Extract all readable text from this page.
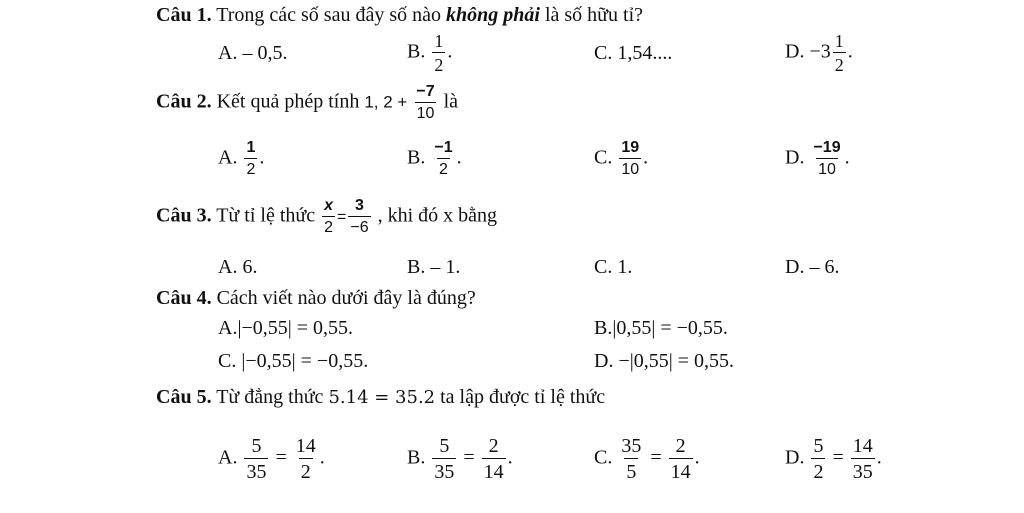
Câu 1. Trong các số sau đây số nào không phải là số hữu tỉ?
A. – 0,5.	B. $\frac{1}{2}$ .	C. 1,54....	D. $-3 \frac{1}{2}$ .
Câu 2. Kết quả phép tính 1, $2 + \frac{-7}{10}$ là
A. $\frac{1}{2}$ .	B. $\frac{-1}{2}$ .	C. $\frac{19}{10}$ .	D. $\frac{-19}{10}$ .
Câu 3. Từ tỉ lệ thức $\frac{x}{2} = \frac{3}{-6}$ , khi đó x bằng
A. 6.	B. – 1.	C. 1.	D. – 6.
Câu 4. Cách viết nào dưới đây là đúng?
A.|−0,55| = 0,55.	B.|0,55| = −0,55.
C. |−0,55| = −0,55.	D. −|0,55| = 0,55.
Câu 5. Từ đẳng thức 5.14 = 35.2 ta lập được tỉ lệ thức
A. $\frac{5}{35} = \frac{14}{2}$ .	B. $\frac{5}{35} = \frac{2}{14}$ .	C. $\frac{35}{5} = \frac{2}{14}$ .	D. $\frac{5}{2} = \frac{14}{35}$ .
